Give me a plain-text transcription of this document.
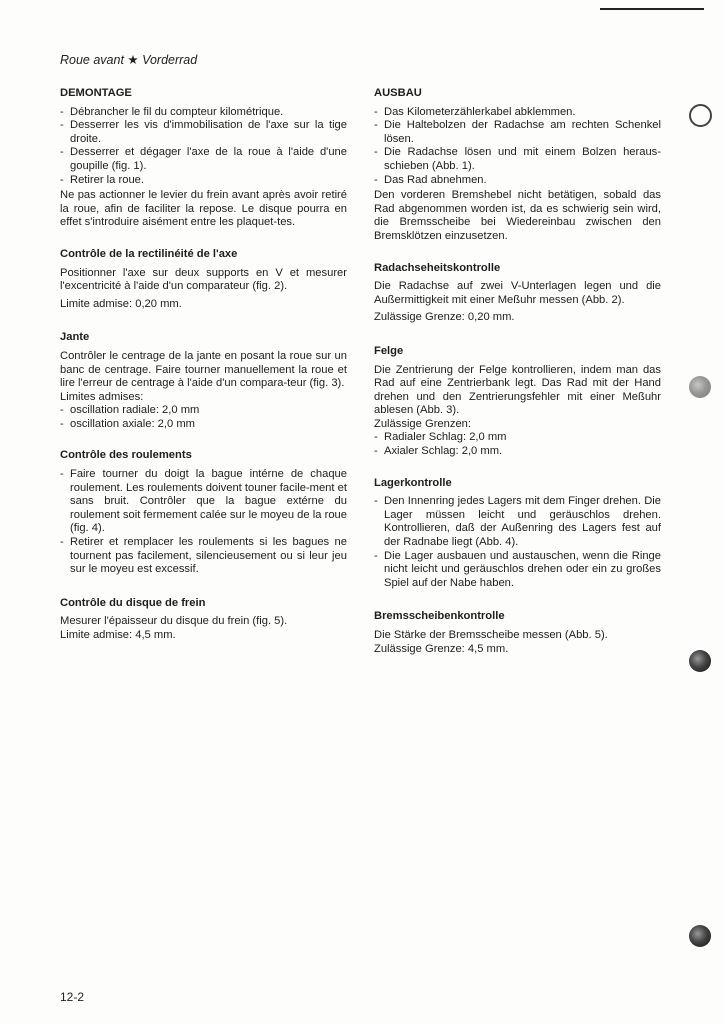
Roue avant ★ Vorderrad
DEMONTAGE
- Débrancher le fil du compteur kilométrique.
- Desserrer les vis d'immobilisation de l'axe sur la tige droite.
- Desserrer et dégager l'axe de la roue à l'aide d'une goupille (fig. 1).
- Retirer la roue.

Ne pas actionner le levier du frein avant après avoir retiré la roue, afin de faciliter la repose. Le disque pourra en effet s'introduire aisément entre les plaquet-tes.

Contrôle de la rectilinéité de l'axe

Positionner l'axe sur deux supports en V et mesurer l'excentricité à l'aide d'un comparateur (fig. 2).

Limite admise: 0,20 mm.

Jante

Contrôler le centrage de la jante en posant la roue sur un banc de centrage. Faire tourner manuellement la roue et lire l'erreur de centrage à l'aide d'un compara-teur (fig. 3).

Limites admises:

- oscillation radiale: 2,0 mm
- oscillation axiale: 2,0 mm
Contrôle des roulements
- Faire tourner du doigt la bague intérne de chaque roulement. Les roulements doivent touner facile-ment et sans bruit. Contrôler que la bague extérne du roulement soit fermement calée sur le moyeu de la roue (fig. 4).
- Retirer et remplacer les roulements si les bagues ne tournent pas facilement, silencieusement ou si leur jeu sur le moyeu est excessif.
Contrôle du disque de frein

Mesurer l'épaisseur du disque du frein (fig. 5).

Limite admise: 4,5 mm.

AUSBAU
- Das Kilometerzählerkabel abklemmen.
- Die Haltebolzen der Radachse am rechten Schenkel lösen.
- Die Radachse lösen und mit einem Bolzen heraus-schieben (Abb. 1).
- Das Rad abnehmen.

Den vorderen Bremshebel nicht betätigen, sobald das Rad abgenommen worden ist, da es schwierig sein wird, die Bremsscheibe bei Wiedereinbau zwischen den Bremsklötzen einzusetzen.

Radachseheitskontrolle

Die Radachse auf zwei V-Unterlagen legen und die Außermittigkeit mit einer Meßuhr messen (Abb. 2).

Zulässige Grenze: 0,20 mm.

Felge

Die Zentrierung der Felge kontrollieren, indem man das Rad auf eine Zentrierbank legt. Das Rad mit der Hand drehen und den Zentrierungsfehler mit einer Meßuhr ablesen (Abb. 3).

Zulässige Grenzen:

- Radialer Schlag: 2,0 mm
- Axialer Schlag: 2,0 mm.
Lagerkontrolle
- Den Innenring jedes Lagers mit dem Finger drehen. Die Lager müssen leicht und geräuschlos drehen. Kontrollieren, daß der Außenring des Lagers fest auf der Radnabe liegt (Abb. 4).
- Die Lager ausbauen und austauschen, wenn die Ringe nicht leicht und geräuschlos drehen oder ein zu großes Spiel auf der Nabe haben.
Bremsscheibenkontrolle

Die Stärke der Bremsscheibe messen (Abb. 5).

Zulässige Grenze: 4,5 mm.

12-2
